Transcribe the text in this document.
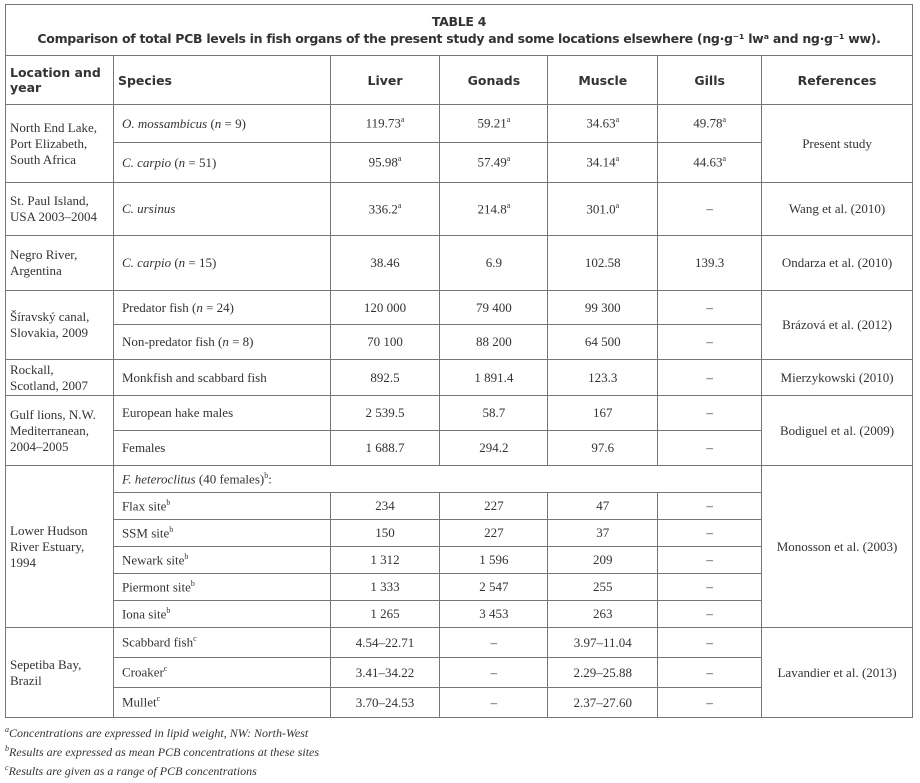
TABLE 4
Comparison of total PCB levels in fish organs of the present study and some locations elsewhere (ng·g⁻¹ lwᵃ and ng·g⁻¹ ww).						

Location and year	Species	Liver	Gonads	Muscle	Gills	References
North End Lake, Port Elizabeth, South Africa	O. mossambicus (n = 9)	119.73$^a$	59.21$^a$	34.63$^a$	49.78$^a$	Present study
	C. carpio (n = 51)	95.98$^a$	57.49$^a$	34.14$^a$	44.63$^a$
St. Paul Island, USA 2003–2004	C. ursinus	336.2$^a$	214.8$^a$	301.0$^a$	–	Wang et al. (2010)
Negro River, Argentina	C. carpio (n = 15)	38.46	6.9	102.58	139.3	Ondarza et al. (2010)
Šíravský canal, Slovakia, 2009	Predator fish (n = 24)	120 000	79 400	99 300	–	Brázová et al. (2012)
	Non-predator fish (n = 8)	70 100	88 200	64 500	–	
Rockall, Scotland, 2007	Monkfish and scabbard fish	892.5	1 891.4	123.3	–	Mierzykowski (2010)
Gulf lions, N.W. Mediterranean, 2004–2005	European hake males	2 539.5	58.7	167	–	Bodiguel et al. (2009)
	Females	1 688.7	294.2	97.6	–	
Lower Hudson River Estuary, 1994	F. heteroclitus (40 females)$^b$:					Monosson et al. (2003)
	Flax site$^b$	234	227	47	–	
	SSM site$^b$	150	227	37	–	
	Newark site$^b$	1 312	1 596	209	–	
	Piermont site$^b$	1 333	2 547	255	–	
	Iona site$^b$	1 265	3 453	263	–	
Sepetiba Bay, Brazil	Scabbard fish$^c$	4.54–22.71	–	3.97–11.04	–	Lavandier et al. (2013)
	Croaker$^c$	3.41–34.22	–	2.29–25.88	–	
	Mullet$^c$	3.70–24.53	–	2.37–27.60	–	
$^a$Concentrations are expressed in lipid weight, NW: North-West
$^b$Results are expressed as mean PCB concentrations at these sites
$^c$Results are given as a range of PCB concentrations
